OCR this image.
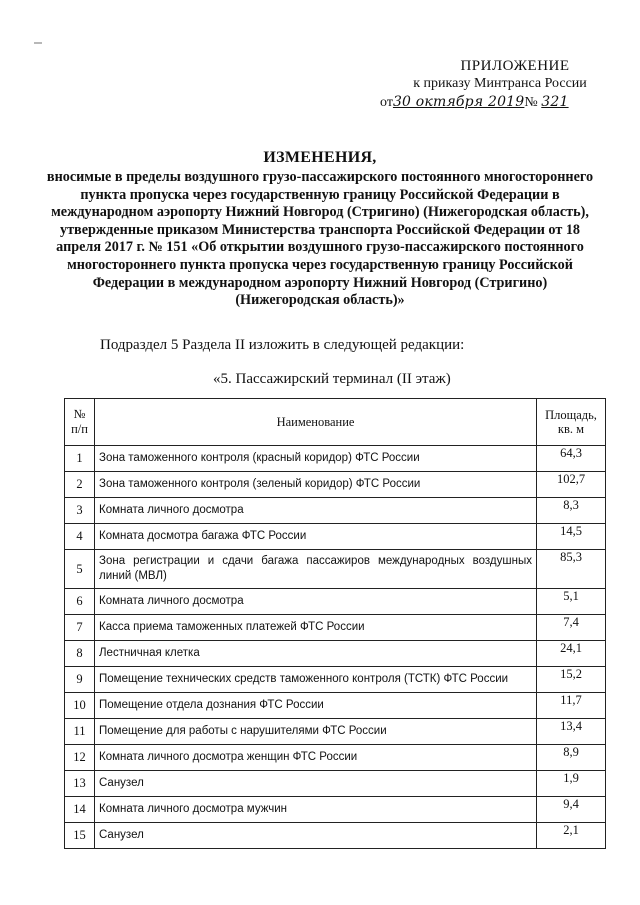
ПРИЛОЖЕНИЕ
к приказу Минтранса России
от30 октября 2019№ 321
ИЗМЕНЕНИЯ,
вносимые в пределы воздушного грузо-пассажирского постоянного многостороннего пункта пропуска через государственную границу Российской Федерации в международном аэропорту Нижний Новгород (Стригино) (Нижегородская область), утвержденные приказом Министерства транспорта Российской Федерации от 18 апреля 2017 г. № 151 «Об открытии воздушного грузо-пассажирского постоянного многостороннего пункта пропуска через государственную границу Российской Федерации в международном аэропорту Нижний Новгород (Стригино) (Нижегородская область)»
Подраздел 5 Раздела II изложить в следующей редакции:
«5. Пассажирский терминал (II этаж)
№ п/п	Наименование	Площадь, кв. м
1	Зона таможенного контроля (красный коридор) ФТС России	64,3
2	Зона таможенного контроля (зеленый коридор) ФТС России	102,7
3	Комната личного досмотра	8,3
4	Комната досмотра багажа ФТС России	14,5
5	Зона регистрации и сдачи багажа пассажиров международных воздушных линий (МВЛ)	85,3
6	Комната личного досмотра	5,1
7	Касса приема таможенных платежей ФТС России	7,4
8	Лестничная клетка	24,1
9	Помещение технических средств таможенного контроля (ТСТК) ФТС России	15,2
10	Помещение отдела дознания ФТС России	11,7
11	Помещение для работы с нарушителями ФТС России	13,4
12	Комната личного досмотра женщин ФТС России	8,9
13	Санузел	1,9
14	Комната личного досмотра мужчин	9,4
15	Санузел	2,1
